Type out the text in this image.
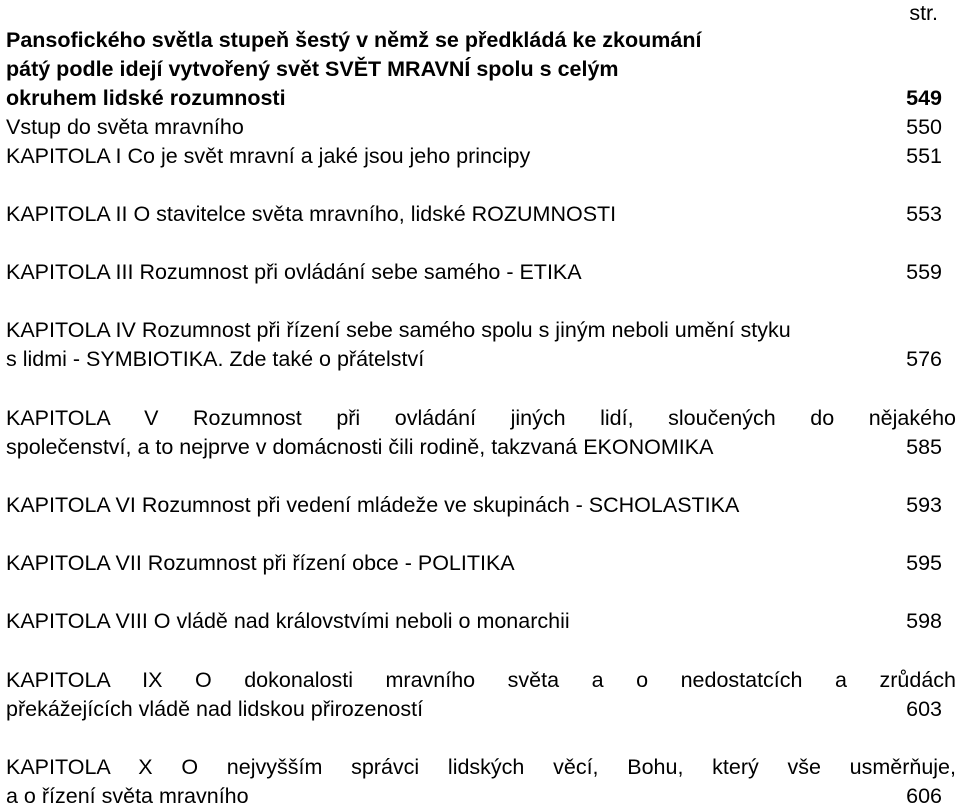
str.
Pansofického světla stupeň šestý v němž se předkládá ke zkoumání
pátý podle idejí vytvořený svět SVĚT MRAVNÍ spolu s celým
okruhem lidské rozumnosti	549
Vstup do světa mravního	550
KAPITOLA I Co je svět mravní a jaké jsou jeho principy	551
KAPITOLA II O stavitelce světa mravního, lidské ROZUMNOSTI	553
KAPITOLA III Rozumnost při ovládání sebe samého - ETIKA	559
KAPITOLA IV Rozumnost při řízení sebe samého spolu s jiným neboli umění styku
s lidmi - SYMBIOTIKA. Zde také o přátelství	576
KAPITOLA V Rozumnost při ovládání jiných lidí, sloučených do nějakého
společenství, a to nejprve v domácnosti čili rodině, takzvaná EKONOMIKA	585
KAPITOLA VI Rozumnost při vedení mládeže ve skupinách - SCHOLASTIKA	593
KAPITOLA VII Rozumnost při řízení obce - POLITIKA	595
KAPITOLA VIII O vládě nad královstvími neboli o monarchii	598
KAPITOLA IX O dokonalosti mravního světa a o nedostatcích a zrůdách
překážejících vládě nad lidskou přirozeností	603
KAPITOLA X O nejvyšším správci lidských věcí, Bohu, který vše usměrňuje,
a o řízení světa mravního	606
